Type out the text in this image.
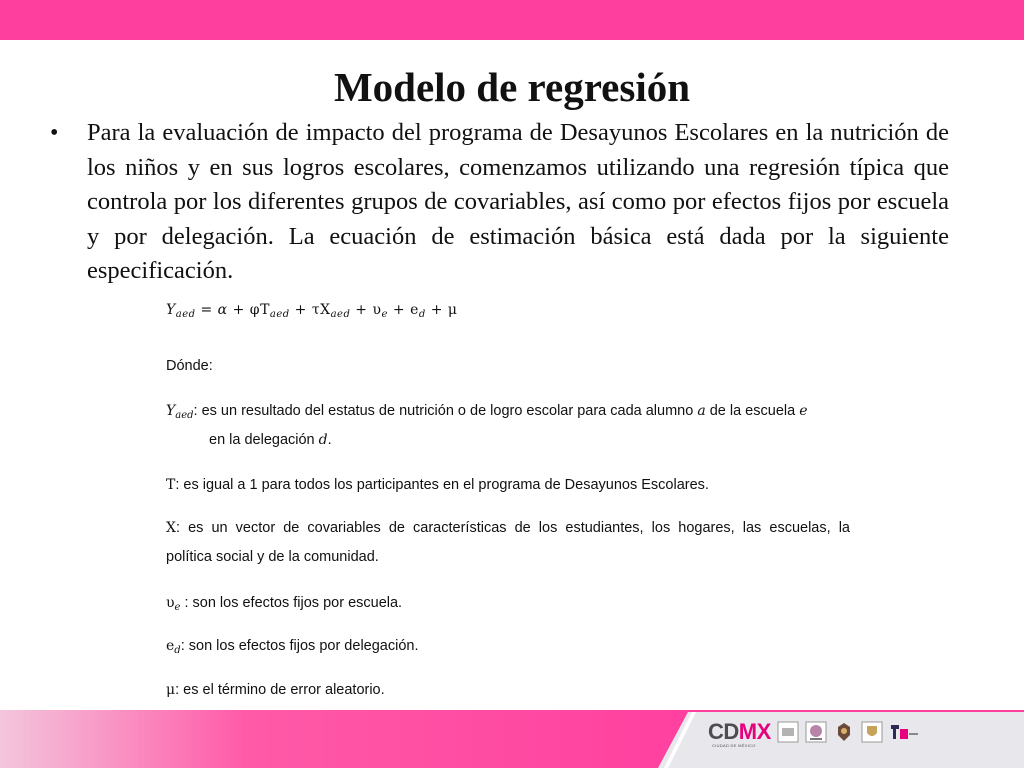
Modelo de regresión
• Para la evaluación de impacto del programa de Desayunos Escolares en la nutrición de los niños y en sus logros escolares, comenzamos utilizando una regresión típica que controla por los diferentes grupos de covariables, así como por efectos fijos por escuela y por delegación. La ecuación de estimación básica está dada por la siguiente especificación.
$Y_{aed} = \alpha + \varphi T_{aed} + \tau X_{aed} + \upsilon_e + e_d + \mu$
Dónde:
$Y_{aed}$: es un resultado del estatus de nutrición o de logro escolar para cada alumno a de la escuela e
en la delegación d.
T: es igual a 1 para todos los participantes en el programa de Desayunos Escolares.
X: es un vector de covariables de características de los estudiantes, los hogares, las escuelas, la
política social y de la comunidad.
$\upsilon_e$ : son los efectos fijos por escuela.
$e_d$: son los efectos fijos por delegación.
μ: es el término de error aleatorio.
CDMX
CIUDAD DE MÉXICO
